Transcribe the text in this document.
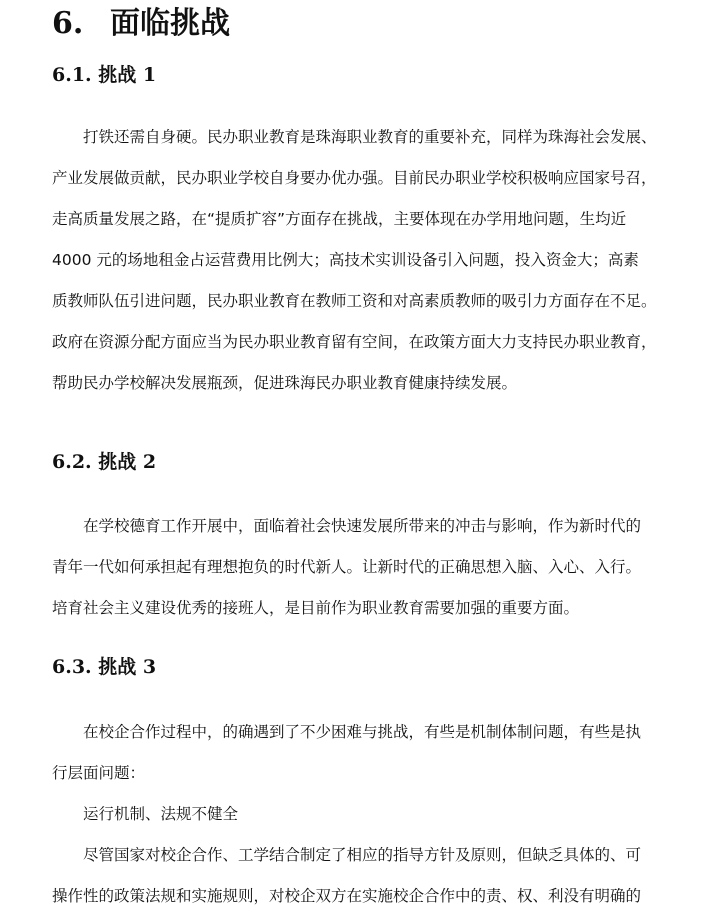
6. 面临挑战
6.1. 挑战 1
打铁还需自身硬。民办职业教育是珠海职业教育的重要补充，同样为珠海社会发展、
产业发展做贡献，民办职业学校自身要办优办强。目前民办职业学校积极响应国家号召，
走高质量发展之路，在“提质扩容”方面存在挑战，主要体现在办学用地问题，生均近
4000 元的场地租金占运营费用比例大；高技术实训设备引入问题，投入资金大；高素
质教师队伍引进问题，民办职业教育在教师工资和对高素质教师的吸引力方面存在不足。
政府在资源分配方面应当为民办职业教育留有空间，在政策方面大力支持民办职业教育，
帮助民办学校解决发展瓶颈，促进珠海民办职业教育健康持续发展。
6.2. 挑战 2
在学校德育工作开展中，面临着社会快速发展所带来的冲击与影响，作为新时代的
青年一代如何承担起有理想抱负的时代新人。让新时代的正确思想入脑、入心、入行。
培育社会主义建设优秀的接班人，是目前作为职业教育需要加强的重要方面。
6.3. 挑战 3
在校企合作过程中，的确遇到了不少困难与挑战，有些是机制体制问题，有些是执
行层面问题：
运行机制、法规不健全
尽管国家对校企合作、工学结合制定了相应的指导方针及原则，但缺乏具体的、可
操作性的政策法规和实施规则，对校企双方在实施校企合作中的责、权、利没有明确的
